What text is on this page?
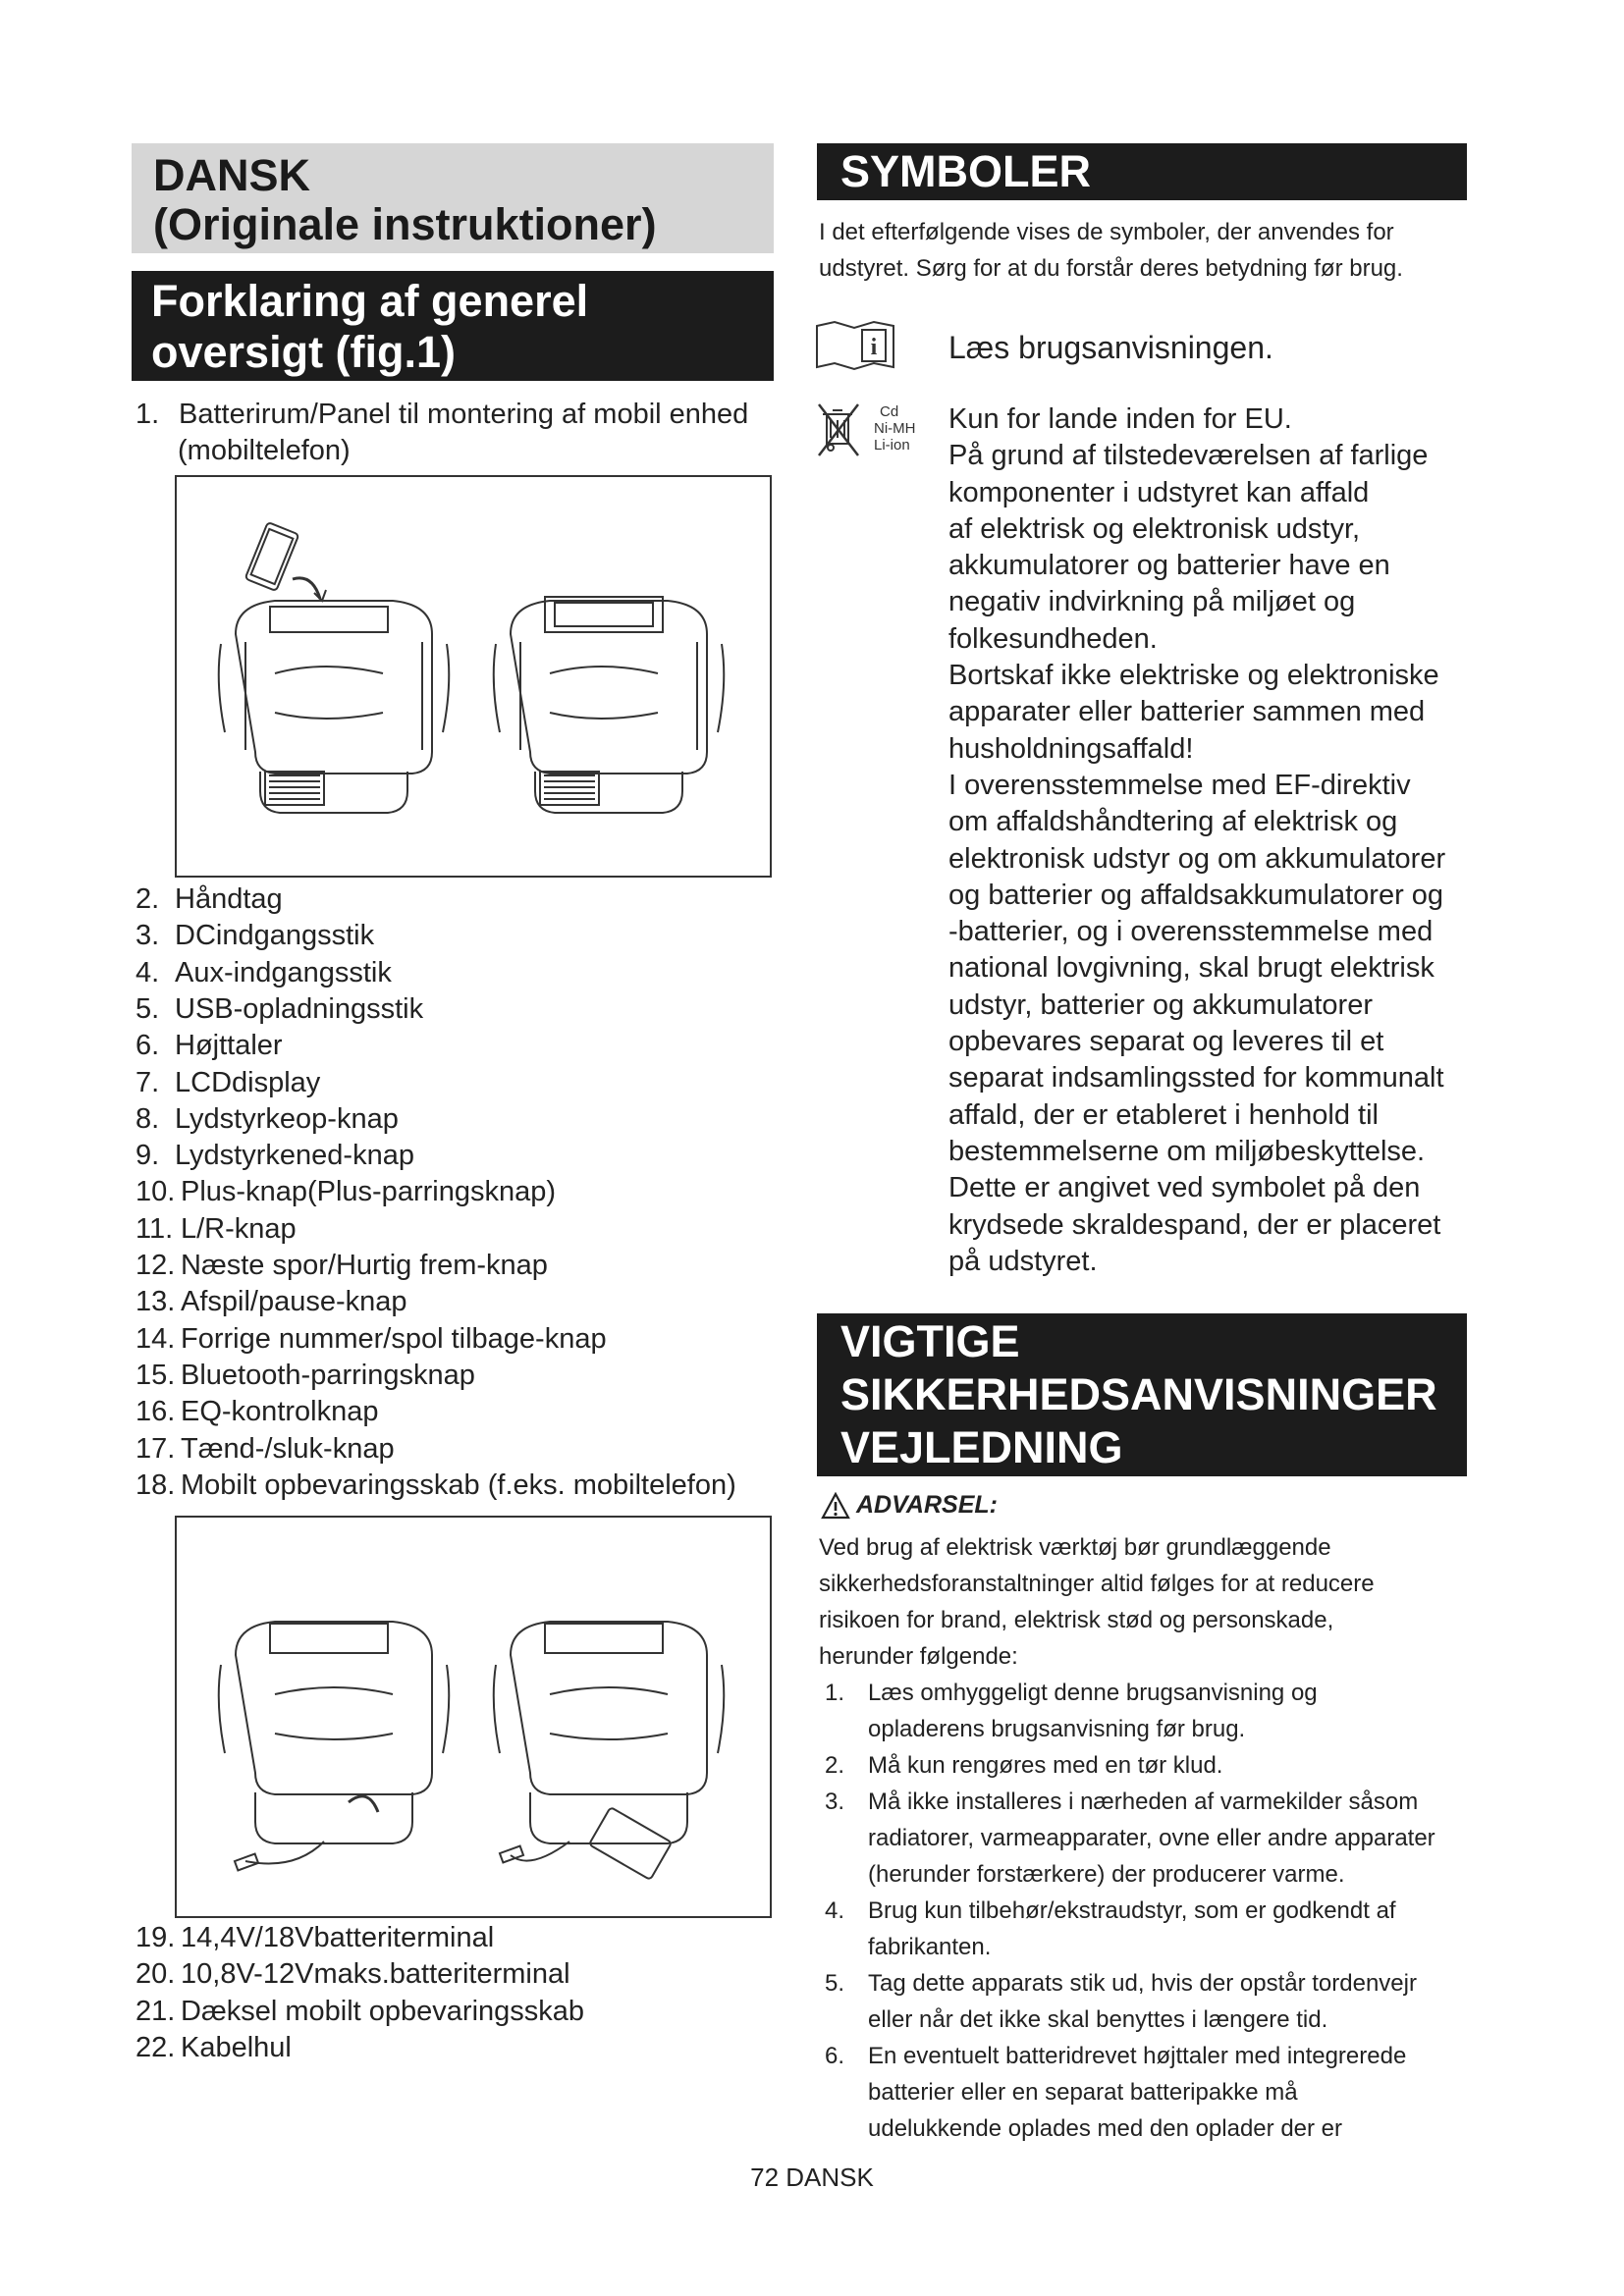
DANSK
(Originale instruktioner)
Forklaring af generel
oversigt (fig.1)
1. Batterirum/Panel til montering af mobil enhed
(mobiltelefon)
2. Håndtag
3. DCindgangsstik
4. Aux-indgangsstik
5. USB-opladningsstik
6. Højttaler
7. LCDdisplay
8. Lydstyrkeop-knap
9. Lydstyrkened-knap
10. Plus-knap(Plus-parringsknap)
11. L/R-knap
12. Næste spor/Hurtig frem-knap
13. Afspil/pause-knap
14. Forrige nummer/spol tilbage-knap
15. Bluetooth-parringsknap
16. EQ-kontrolknap
17. Tænd-/sluk-knap
18. Mobilt opbevaringsskab (f.eks. mobiltelefon)
19. 14,4V/18Vbatteriterminal
20. 10,8V-12Vmaks.batteriterminal
21. Dæksel mobilt opbevaringsskab
22. Kabelhul
SYMBOLER
I det efterfølgende vises de symboler, der anvendes for
udstyret. Sørg for at du forstår deres betydning før brug.
i Læs brugsanvisningen.
Cd
Ni-MH
Li-ion
Kun for lande inden for EU.
På grund af tilstedeværelsen af farlige
komponenter i udstyret kan affald
af elektrisk og elektronisk udstyr,
akkumulatorer og batterier have en
negativ indvirkning på miljøet og
folkesundheden.
Bortskaf ikke elektriske og elektroniske
apparater eller batterier sammen med
husholdningsaffald!
I overensstemmelse med EF-direktiv
om affaldshåndtering af elektrisk og
elektronisk udstyr og om akkumulatorer
og batterier og affaldsakkumulatorer og
-batterier, og i overensstemmelse med
national lovgivning, skal brugt elektrisk
udstyr, batterier og akkumulatorer
opbevares separat og leveres til et
separat indsamlingssted for kommunalt
affald, der er etableret i henhold til
bestemmelserne om miljøbeskyttelse.
Dette er angivet ved symbolet på den
krydsede skraldespand, der er placeret
på udstyret.
VIGTIGE
SIKKERHEDSANVISNINGER
VEJLEDNING
ADVARSEL:
Ved brug af elektrisk værktøj bør grundlæggende
sikkerhedsforanstaltninger altid følges for at reducere
risikoen for brand, elektrisk stød og personskade,
herunder følgende:
1. Læs omhyggeligt denne brugsanvisning og
opladerens brugsanvisning før brug.
2. Må kun rengøres med en tør klud.
3. Må ikke installeres i nærheden af varmekilder såsom
radiatorer, varmeapparater, ovne eller andre apparater
(herunder forstærkere) der producerer varme.
4. Brug kun tilbehør/ekstraudstyr, som er godkendt af
fabrikanten.
5. Tag dette apparats stik ud, hvis der opstår tordenvejr
eller når det ikke skal benyttes i længere tid.
6. En eventuelt batteridrevet højttaler med integrerede
batterier eller en separat batteripakke må
udelukkende oplades med den oplader der er
72 DANSK
